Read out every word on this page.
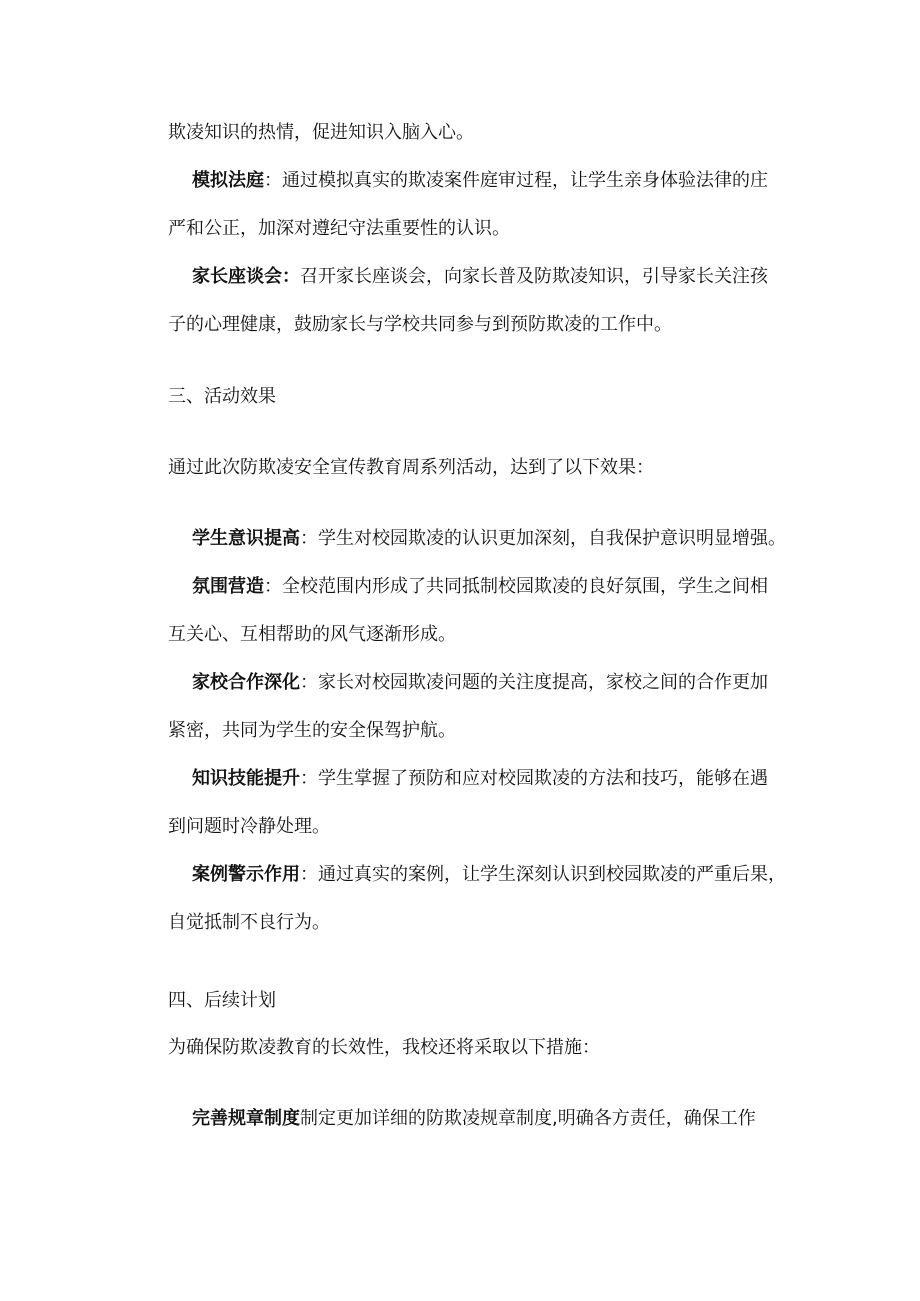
欺凌知识的热情，促进知识入脑入心。

模拟法庭：通过模拟真实的欺凌案件庭审过程，让学生亲身体验法律的庄

严和公正，加深对遵纪守法重要性的认识。

家长座谈会：召开家长座谈会，向家长普及防欺凌知识，引导家长关注孩

子的心理健康，鼓励家长与学校共同参与到预防欺凌的工作中。

三、活动效果

通过此次防欺凌安全宣传教育周系列活动，达到了以下效果：

学生意识提高：学生对校园欺凌的认识更加深刻，自我保护意识明显增强。

氛围营造：全校范围内形成了共同抵制校园欺凌的良好氛围，学生之间相

互关心、互相帮助的风气逐渐形成。

家校合作深化：家长对校园欺凌问题的关注度提高，家校之间的合作更加

紧密，共同为学生的安全保驾护航。

知识技能提升：学生掌握了预防和应对校园欺凌的方法和技巧，能够在遇

到问题时冷静处理。

案例警示作用：通过真实的案例，让学生深刻认识到校园欺凌的严重后果，

自觉抵制不良行为。

四、后续计划

为确保防欺凌教育的长效性，我校还将采取以下措施：

完善规章制度制定更加详细的防欺凌规章制度,明确各方责任，确保工作
